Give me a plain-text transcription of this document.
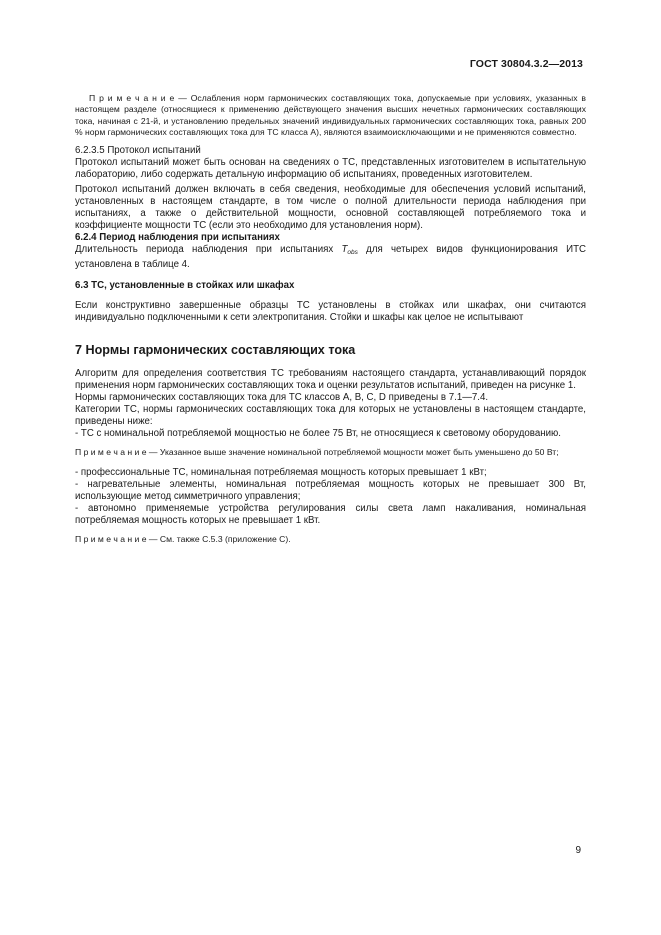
ГОСТ 30804.3.2—2013

П р и м е ч а н и е — Ослабления норм гармонических составляющих тока, допускаемые при условиях, указанных в настоящем разделе (относящиеся к применению действующего значения высших нечетных гармонических составляющих тока, начиная с 21-й, и установлению предельных значений индивидуальных гармонических составляющих тока, равных 200 % норм гармонических составляющих тока для ТС класса А), являются взаимоисключающими и не применяются совместно.

6.2.3.5 Протокол испытаний

Протокол испытаний может быть основан на сведениях о ТС, представленных изготовителем в испытательную лабораторию, либо содержать детальную информацию об испытаниях, проведенных изготовителем.

Протокол испытаний должен включать в себя сведения, необходимые для обеспечения условий испытаний, установленных в настоящем стандарте, в том числе о полной длительности периода наблюдения при испытаниях, а также о действительной мощности, основной составляющей потребляемого тока и коэффициенте мощности ТС (если это необходимо для установления норм).

6.2.4 Период наблюдения при испытаниях

Длительность периода наблюдения при испытаниях $T_{obs}$ для четырех видов функционирования ИТС установлена в таблице 4.

6.3 ТС, установленные в стойках или шкафах

Если конструктивно завершенные образцы ТС установлены в стойках или шкафах, они считаются индивидуально подключенными к сети электропитания. Стойки и шкафы как целое не испытывают

7 Нормы гармонических составляющих тока

Алгоритм для определения соответствия ТС требованиям настоящего стандарта, устанавливающий порядок применения норм гармонических составляющих тока и оценки результатов испытаний, приведен на рисунке 1.

Нормы гармонических составляющих тока для ТС классов A, B, C, D приведены в 7.1—7.4.

Категории ТС, нормы гармонических составляющих тока для которых не установлены в настоящем стандарте, приведены ниже:

- ТС с номинальной потребляемой мощностью не более 75 Вт, не относящиеся к световому оборудованию.

П р и м е ч а н и е — Указанное выше значение номинальной потребляемой мощности может быть уменьшено до 50 Вт;

- профессиональные ТС, номинальная потребляемая мощность которых превышает 1 кВт;

- нагревательные элементы, номинальная потребляемая мощность которых не превышает 300 Вт, использующие метод симметричного управления;

- автономно применяемые устройства регулирования силы света ламп накаливания, номинальная потребляемая мощность которых не превышает 1 кВт.

П р и м е ч а н и е — См. также С.5.3 (приложение С).

9
